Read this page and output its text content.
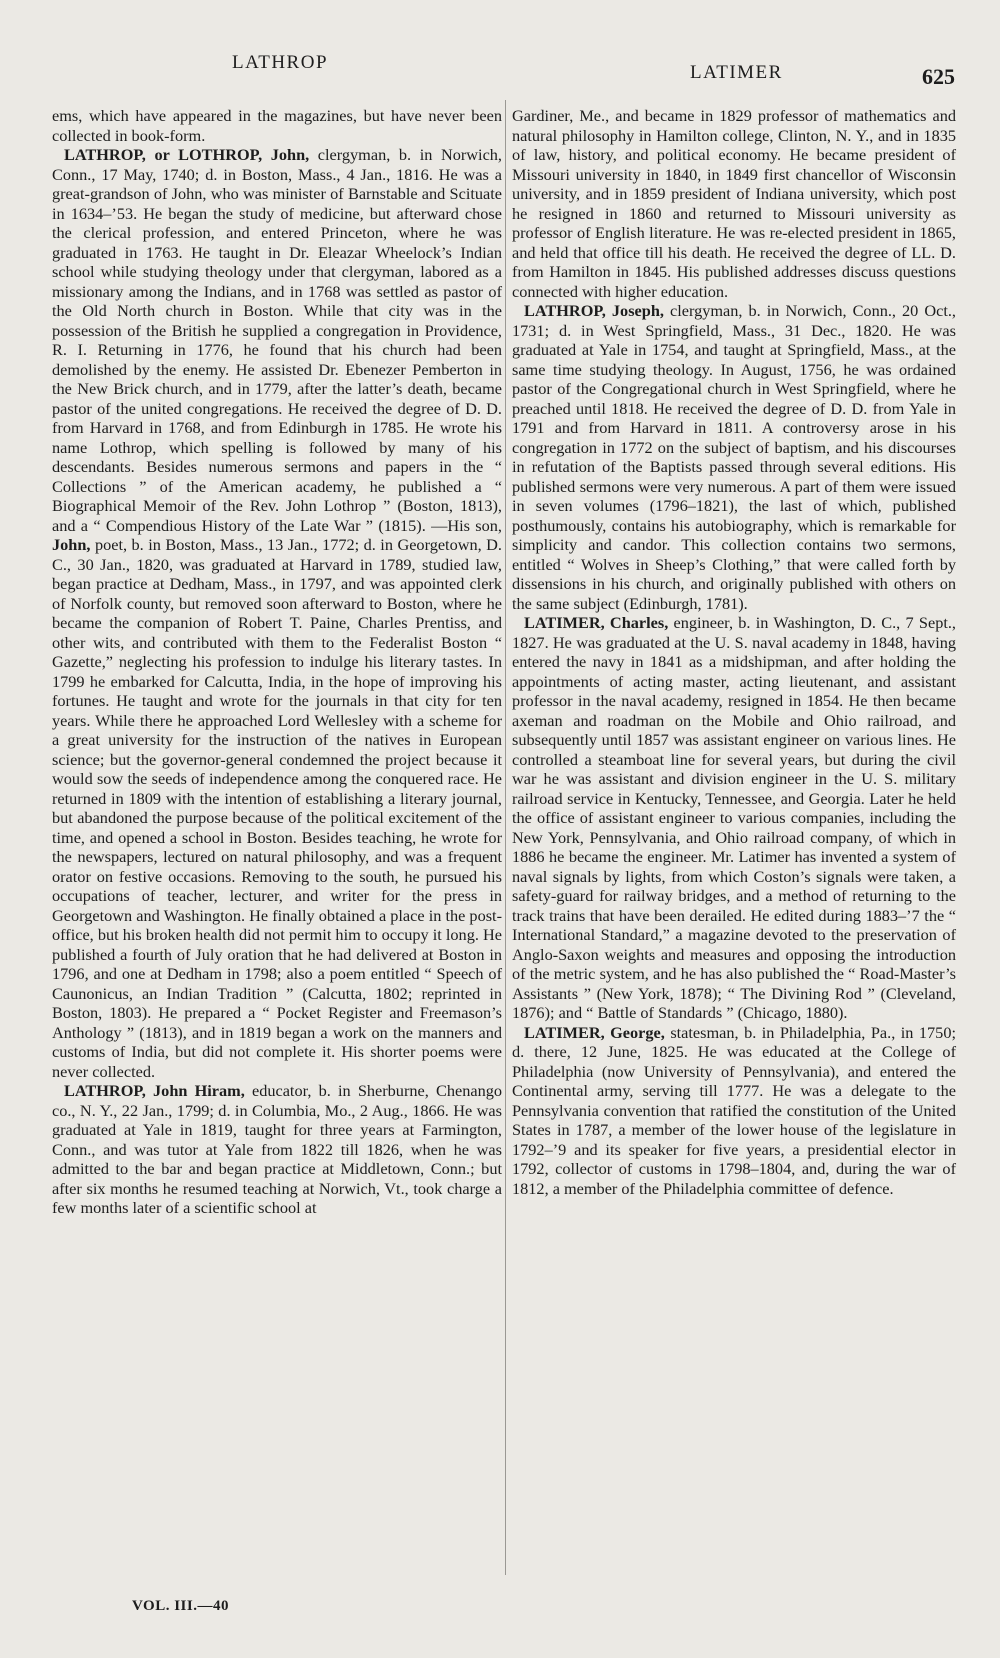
LATHROP	LATIMER	625

ems, which have appeared in the magazines, but have never been collected in book-form.

LATHROP, or LOTHROP, John, clergyman, b. in Norwich, Conn., 17 May, 1740; d. in Boston, Mass., 4 Jan., 1816. He was a great-grandson of John, who was minister of Barnstable and Scituate in 1634–’53. He began the study of medicine, but afterward chose the clerical profession, and entered Princeton, where he was graduated in 1763. He taught in Dr. Eleazar Wheelock’s Indian school while studying theology under that clergyman, labored as a missionary among the Indians, and in 1768 was settled as pastor of the Old North church in Boston. While that city was in the possession of the British he supplied a congregation in Providence, R. I. Returning in 1776, he found that his church had been demolished by the enemy. He assisted Dr. Ebenezer Pemberton in the New Brick church, and in 1779, after the latter’s death, became pastor of the united congregations. He received the degree of D. D. from Harvard in 1768, and from Edinburgh in 1785. He wrote his name Lothrop, which spelling is followed by many of his descendants. Besides numerous sermons and papers in the “ Collections ” of the American academy, he published a “ Biographical Memoir of the Rev. John Lothrop ” (Boston, 1813), and a “ Compendious History of the Late War ” (1815). —His son, John, poet, b. in Boston, Mass., 13 Jan., 1772; d. in Georgetown, D. C., 30 Jan., 1820, was graduated at Harvard in 1789, studied law, began practice at Dedham, Mass., in 1797, and was appointed clerk of Norfolk county, but removed soon afterward to Boston, where he became the companion of Robert T. Paine, Charles Prentiss, and other wits, and contributed with them to the Federalist Boston “ Gazette,” neglecting his profession to indulge his literary tastes. In 1799 he embarked for Calcutta, India, in the hope of improving his fortunes. He taught and wrote for the journals in that city for ten years. While there he approached Lord Wellesley with a scheme for a great university for the instruction of the natives in European science; but the governor-general condemned the project because it would sow the seeds of independence among the conquered race. He returned in 1809 with the intention of establishing a literary journal, but abandoned the purpose because of the political excitement of the time, and opened a school in Boston. Besides teaching, he wrote for the newspapers, lectured on natural philosophy, and was a frequent orator on festive occasions. Removing to the south, he pursued his occupations of teacher, lecturer, and writer for the press in Georgetown and Washington. He finally obtained a place in the post-office, but his broken health did not permit him to occupy it long. He published a fourth of July oration that he had delivered at Boston in 1796, and one at Dedham in 1798; also a poem entitled “ Speech of Caunonicus, an Indian Tradition ” (Calcutta, 1802; reprinted in Boston, 1803). He prepared a “ Pocket Register and Freemason’s Anthology ” (1813), and in 1819 began a work on the manners and customs of India, but did not complete it. His shorter poems were never collected.

LATHROP, John Hiram, educator, b. in Sherburne, Chenango co., N. Y., 22 Jan., 1799; d. in Columbia, Mo., 2 Aug., 1866. He was graduated at Yale in 1819, taught for three years at Farmington, Conn., and was tutor at Yale from 1822 till 1826, when he was admitted to the bar and began practice at Middletown, Conn.; but after six months he resumed teaching at Norwich, Vt., took charge a few months later of a scientific school at

Gardiner, Me., and became in 1829 professor of mathematics and natural philosophy in Hamilton college, Clinton, N. Y., and in 1835 of law, history, and political economy. He became president of Missouri university in 1840, in 1849 first chancellor of Wisconsin university, and in 1859 president of Indiana university, which post he resigned in 1860 and returned to Missouri university as professor of English literature. He was re-elected president in 1865, and held that office till his death. He received the degree of LL. D. from Hamilton in 1845. His published addresses discuss questions connected with higher education.

LATHROP, Joseph, clergyman, b. in Norwich, Conn., 20 Oct., 1731; d. in West Springfield, Mass., 31 Dec., 1820. He was graduated at Yale in 1754, and taught at Springfield, Mass., at the same time studying theology. In August, 1756, he was ordained pastor of the Congregational church in West Springfield, where he preached until 1818. He received the degree of D. D. from Yale in 1791 and from Harvard in 1811. A controversy arose in his congregation in 1772 on the subject of baptism, and his discourses in refutation of the Baptists passed through several editions. His published sermons were very numerous. A part of them were issued in seven volumes (1796–1821), the last of which, published posthumously, contains his autobiography, which is remarkable for simplicity and candor. This collection contains two sermons, entitled “ Wolves in Sheep’s Clothing,” that were called forth by dissensions in his church, and originally published with others on the same subject (Edinburgh, 1781).

LATIMER, Charles, engineer, b. in Washington, D. C., 7 Sept., 1827. He was graduated at the U. S. naval academy in 1848, having entered the navy in 1841 as a midshipman, and after holding the appointments of acting master, acting lieutenant, and assistant professor in the naval academy, resigned in 1854. He then became axeman and roadman on the Mobile and Ohio railroad, and subsequently until 1857 was assistant engineer on various lines. He controlled a steamboat line for several years, but during the civil war he was assistant and division engineer in the U. S. military railroad service in Kentucky, Tennessee, and Georgia. Later he held the office of assistant engineer to various companies, including the New York, Pennsylvania, and Ohio railroad company, of which in 1886 he became the engineer. Mr. Latimer has invented a system of naval signals by lights, from which Coston’s signals were taken, a safety-guard for railway bridges, and a method of returning to the track trains that have been derailed. He edited during 1883–’7 the “ International Standard,” a magazine devoted to the preservation of Anglo-Saxon weights and measures and opposing the introduction of the metric system, and he has also published the “ Road-Master’s Assistants ” (New York, 1878); “ The Divining Rod ” (Cleveland, 1876); and “ Battle of Standards ” (Chicago, 1880).

LATIMER, George, statesman, b. in Philadelphia, Pa., in 1750; d. there, 12 June, 1825. He was educated at the College of Philadelphia (now University of Pennsylvania), and entered the Continental army, serving till 1777. He was a delegate to the Pennsylvania convention that ratified the constitution of the United States in 1787, a member of the lower house of the legislature in 1792–’9 and its speaker for five years, a presidential elector in 1792, collector of customs in 1798–1804, and, during the war of 1812, a member of the Philadelphia committee of defence.

VOL. III.—40
